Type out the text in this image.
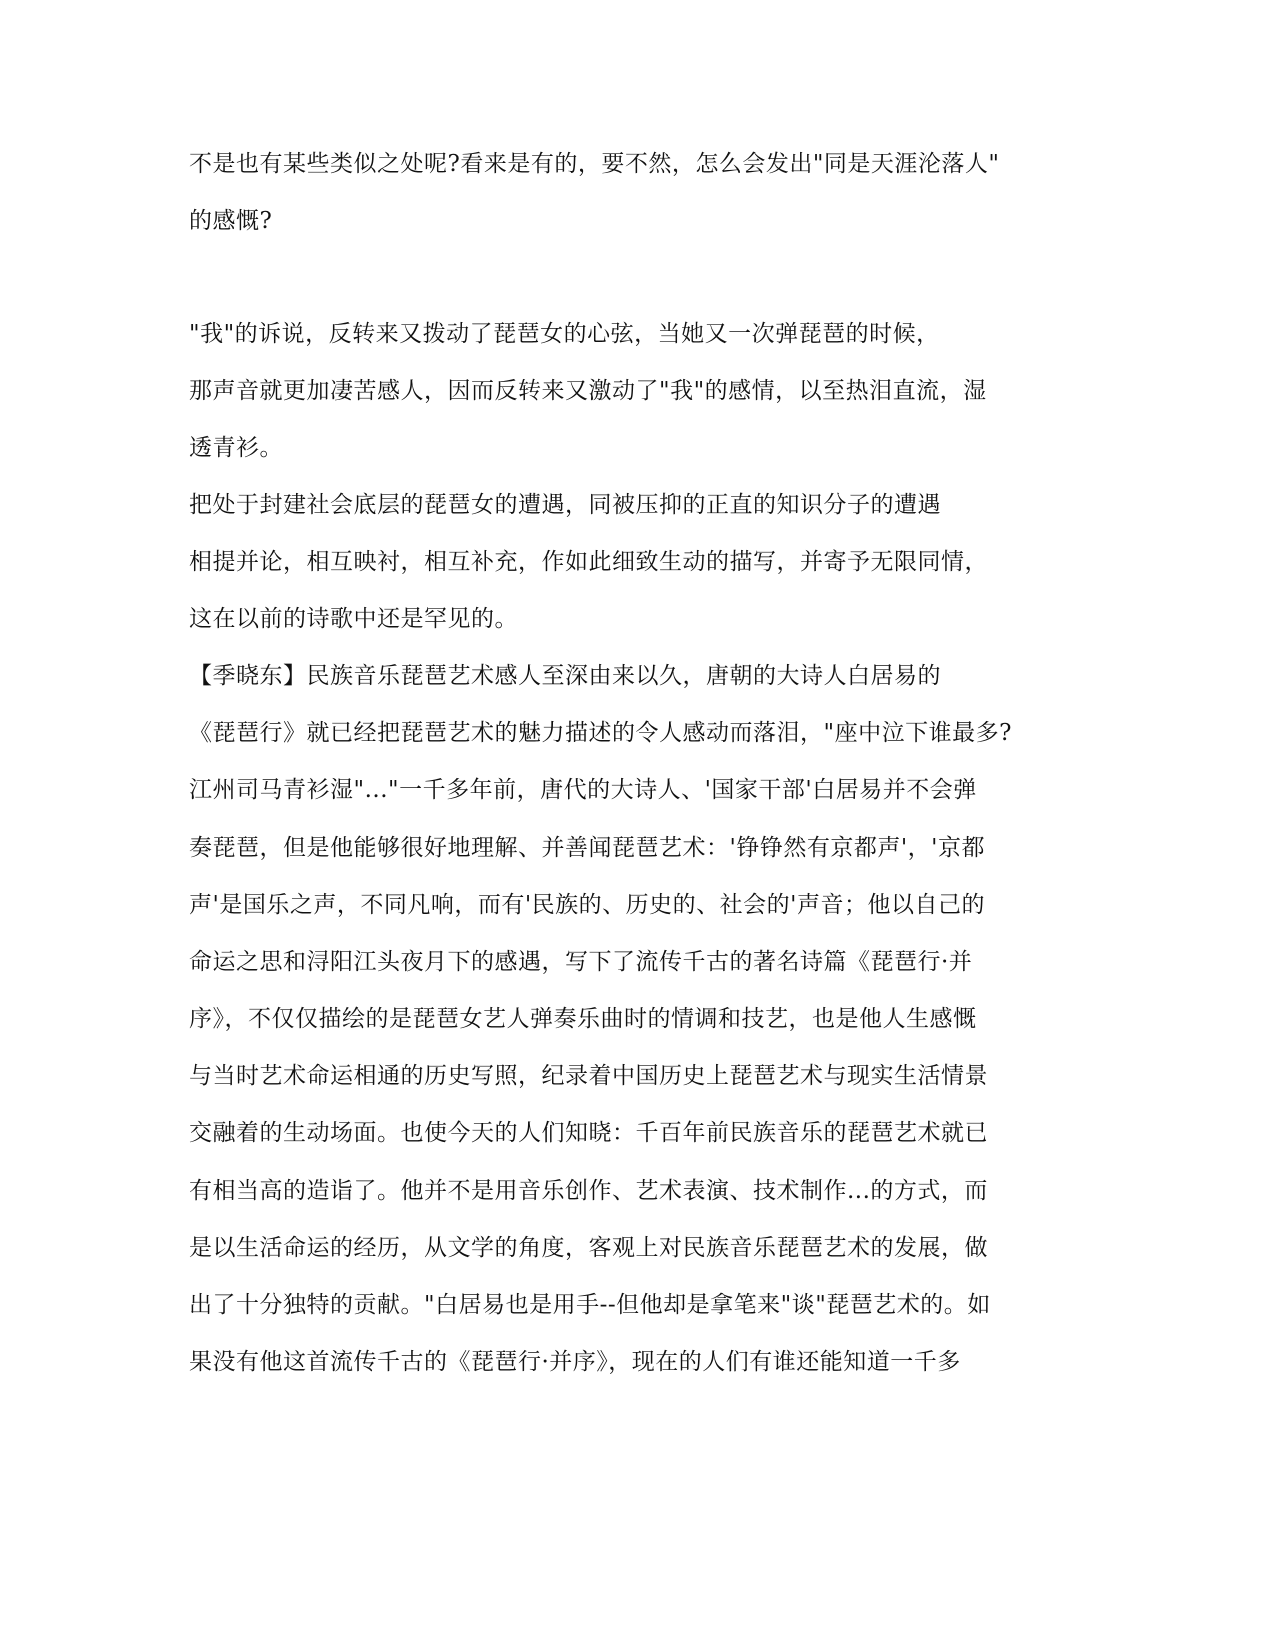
不是也有某些类似之处呢?看来是有的，要不然，怎么会发出"同是天涯沦落人"
的感慨?
"我"的诉说，反转来又拨动了琵琶女的心弦，当她又一次弹琵琶的时候，
那声音就更加凄苦感人，因而反转来又激动了"我"的感情，以至热泪直流，湿
透青衫。
把处于封建社会底层的琵琶女的遭遇，同被压抑的正直的知识分子的遭遇
相提并论，相互映衬，相互补充，作如此细致生动的描写，并寄予无限同情，
这在以前的诗歌中还是罕见的。
【季晓东】民族音乐琵琶艺术感人至深由来以久，唐朝的大诗人白居易的
《琵琶行》就已经把琵琶艺术的魅力描述的令人感动而落泪，"座中泣下谁最多?
江州司马青衫湿"..."一千多年前，唐代的大诗人、'国家干部'白居易并不会弹
奏琵琶，但是他能够很好地理解、并善闻琵琶艺术：'铮铮然有京都声'，'京都
声'是国乐之声，不同凡响，而有'民族的、历史的、社会的'声音；他以自己的
命运之思和浔阳江头夜月下的感遇，写下了流传千古的著名诗篇《琵琶行·并
序》，不仅仅描绘的是琵琶女艺人弹奏乐曲时的情调和技艺，也是他人生感慨
与当时艺术命运相通的历史写照，纪录着中国历史上琵琶艺术与现实生活情景
交融着的生动场面。也使今天的人们知晓：千百年前民族音乐的琵琶艺术就已
有相当高的造诣了。他并不是用音乐创作、艺术表演、技术制作...的方式，而
是以生活命运的经历，从文学的角度，客观上对民族音乐琵琶艺术的发展，做
出了十分独特的贡献。"白居易也是用手--但他却是拿笔来"谈"琵琶艺术的。如
果没有他这首流传千古的《琵琶行·并序》，现在的人们有谁还能知道一千多
